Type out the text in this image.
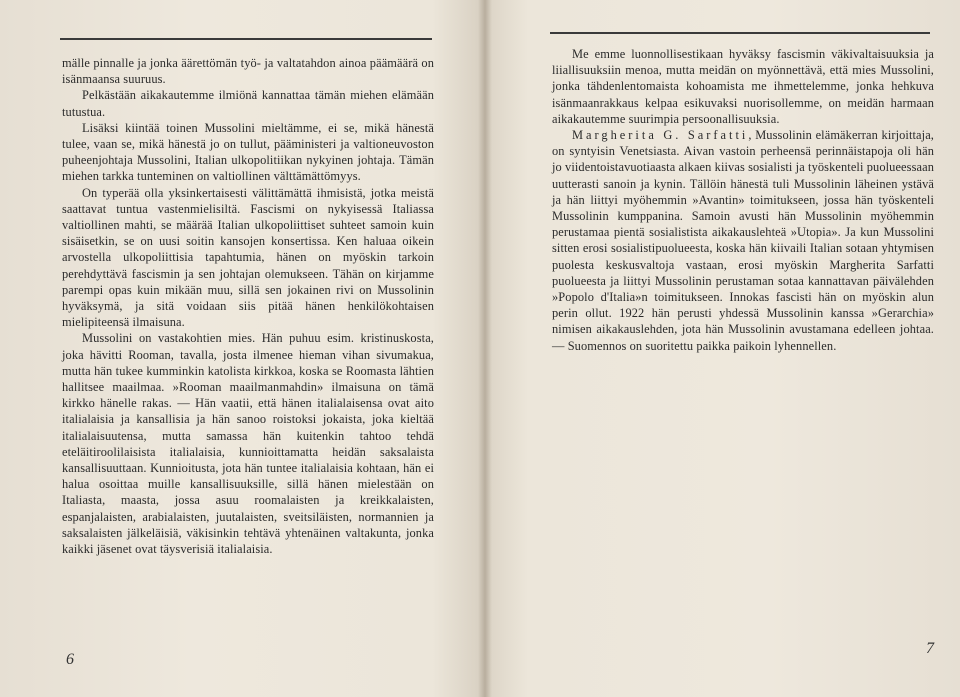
mälle pinnalle ja jonka äärettömän työ- ja valtatahdon ainoa päämäärä on isänmaansa suuruus.

Pelkästään aikakautemme ilmiönä kannattaa tämän miehen elämään tutustua.

Lisäksi kiintää toinen Mussolini mieltämme, ei se, mikä hänestä tulee, vaan se, mikä hänestä jo on tullut, pääministeri ja valtioneuvoston puheenjohtaja Mussolini, Italian ulkopolitiikan nykyinen johtaja. Tämän miehen tarkka tunteminen on valtiollinen välttämättömyys.

On typerää olla yksinkertaisesti välittämättä ihmisistä, jotka meistä saattavat tuntua vastenmielisiltä. Fascismi on nykyisessä Italiassa valtiollinen mahti, se määrää Italian ulkopoliittiset suhteet samoin kuin sisäisetkin, se on uusi soitin kansojen konsertissa. Ken haluaa oikein arvostella ulkopoliittisia tapahtumia, hänen on myöskin tarkoin perehdyttävä fascismin ja sen johtajan olemukseen. Tähän on kirjamme parempi opas kuin mikään muu, sillä sen jokainen rivi on Mussolinin hyväksymä, ja sitä voidaan siis pitää hänen henkilökohtaisen mielipiteensä ilmaisuna.

Mussolini on vastakohtien mies. Hän puhuu esim. kristinuskosta, joka hävitti Rooman, tavalla, josta ilmenee hieman vihan sivumakua, mutta hän tukee kumminkin katolista kirkkoa, koska se Roomasta lähtien hallitsee maailmaa. »Rooman maailmanmahdin» ilmaisuna on tämä kirkko hänelle rakas. — Hän vaatii, että hänen italialaisensa ovat aito italialaisia ja kansallisia ja hän sanoo roistoksi jokaista, joka kieltää italialaisuutensa, mutta samassa hän kuitenkin tahtoo tehdä eteläitiroolilaisista italialaisia, kunnioittamatta heidän saksalaista kansallisuuttaan. Kunnioitusta, jota hän tuntee italialaisia kohtaan, hän ei halua osoittaa muille kansallisuuksille, sillä hänen mielestään on Italiasta, maasta, jossa asuu roomalaisten ja kreikkalaisten, espanjalaisten, arabialaisten, juutalaisten, sveitsiläisten, normannien ja saksalaisten jälkeläisiä, väkisinkin tehtävä yhtenäinen valtakunta, jonka kaikki jäsenet ovat täysverisiä italialaisia.

6

Me emme luonnollisestikaan hyväksy fascismin väkivaltaisuuksia ja liiallisuuksiin menoa, mutta meidän on myönnettävä, että mies Mussolini, jonka tähdenlentomaista kohoamista me ihmettelemme, jonka hehkuva isänmaanrakkaus kelpaa esikuvaksi nuorisollemme, on meidän harmaan aikakautemme suurimpia persoonallisuuksia.

Margherita G. Sarfatti, Mussolinin elämäkerran kirjoittaja, on syntyisin Venetsiasta. Aivan vastoin perheensä perinnäistapoja oli hän jo viidentoistavuotiaasta alkaen kiivas sosialisti ja työskenteli puolueessaan uutterasti sanoin ja kynin. Tällöin hänestä tuli Mussolinin läheinen ystävä ja hän liittyi myöhemmin »Avantin» toimitukseen, jossa hän työskenteli Mussolinin kumppanina. Samoin avusti hän Mussolinin myöhemmin perustamaa pientä sosialistista aikakauslehteä »Utopia». Ja kun Mussolini sitten erosi sosialistipuolueesta, koska hän kiivaili Italian sotaan yhtymisen puolesta keskusvaltoja vastaan, erosi myöskin Margherita Sarfatti puolueesta ja liittyi Mussolinin perustaman sotaa kannattavan päivälehden »Popolo d'Italia»n toimitukseen. Innokas fascisti hän on myöskin alun perin ollut. 1922 hän perusti yhdessä Mussolinin kanssa »Gerarchia» nimisen aikakauslehden, jota hän Mussolinin avustamana edelleen johtaa. — Suomennos on suoritettu paikka paikoin lyhennellen.

7
